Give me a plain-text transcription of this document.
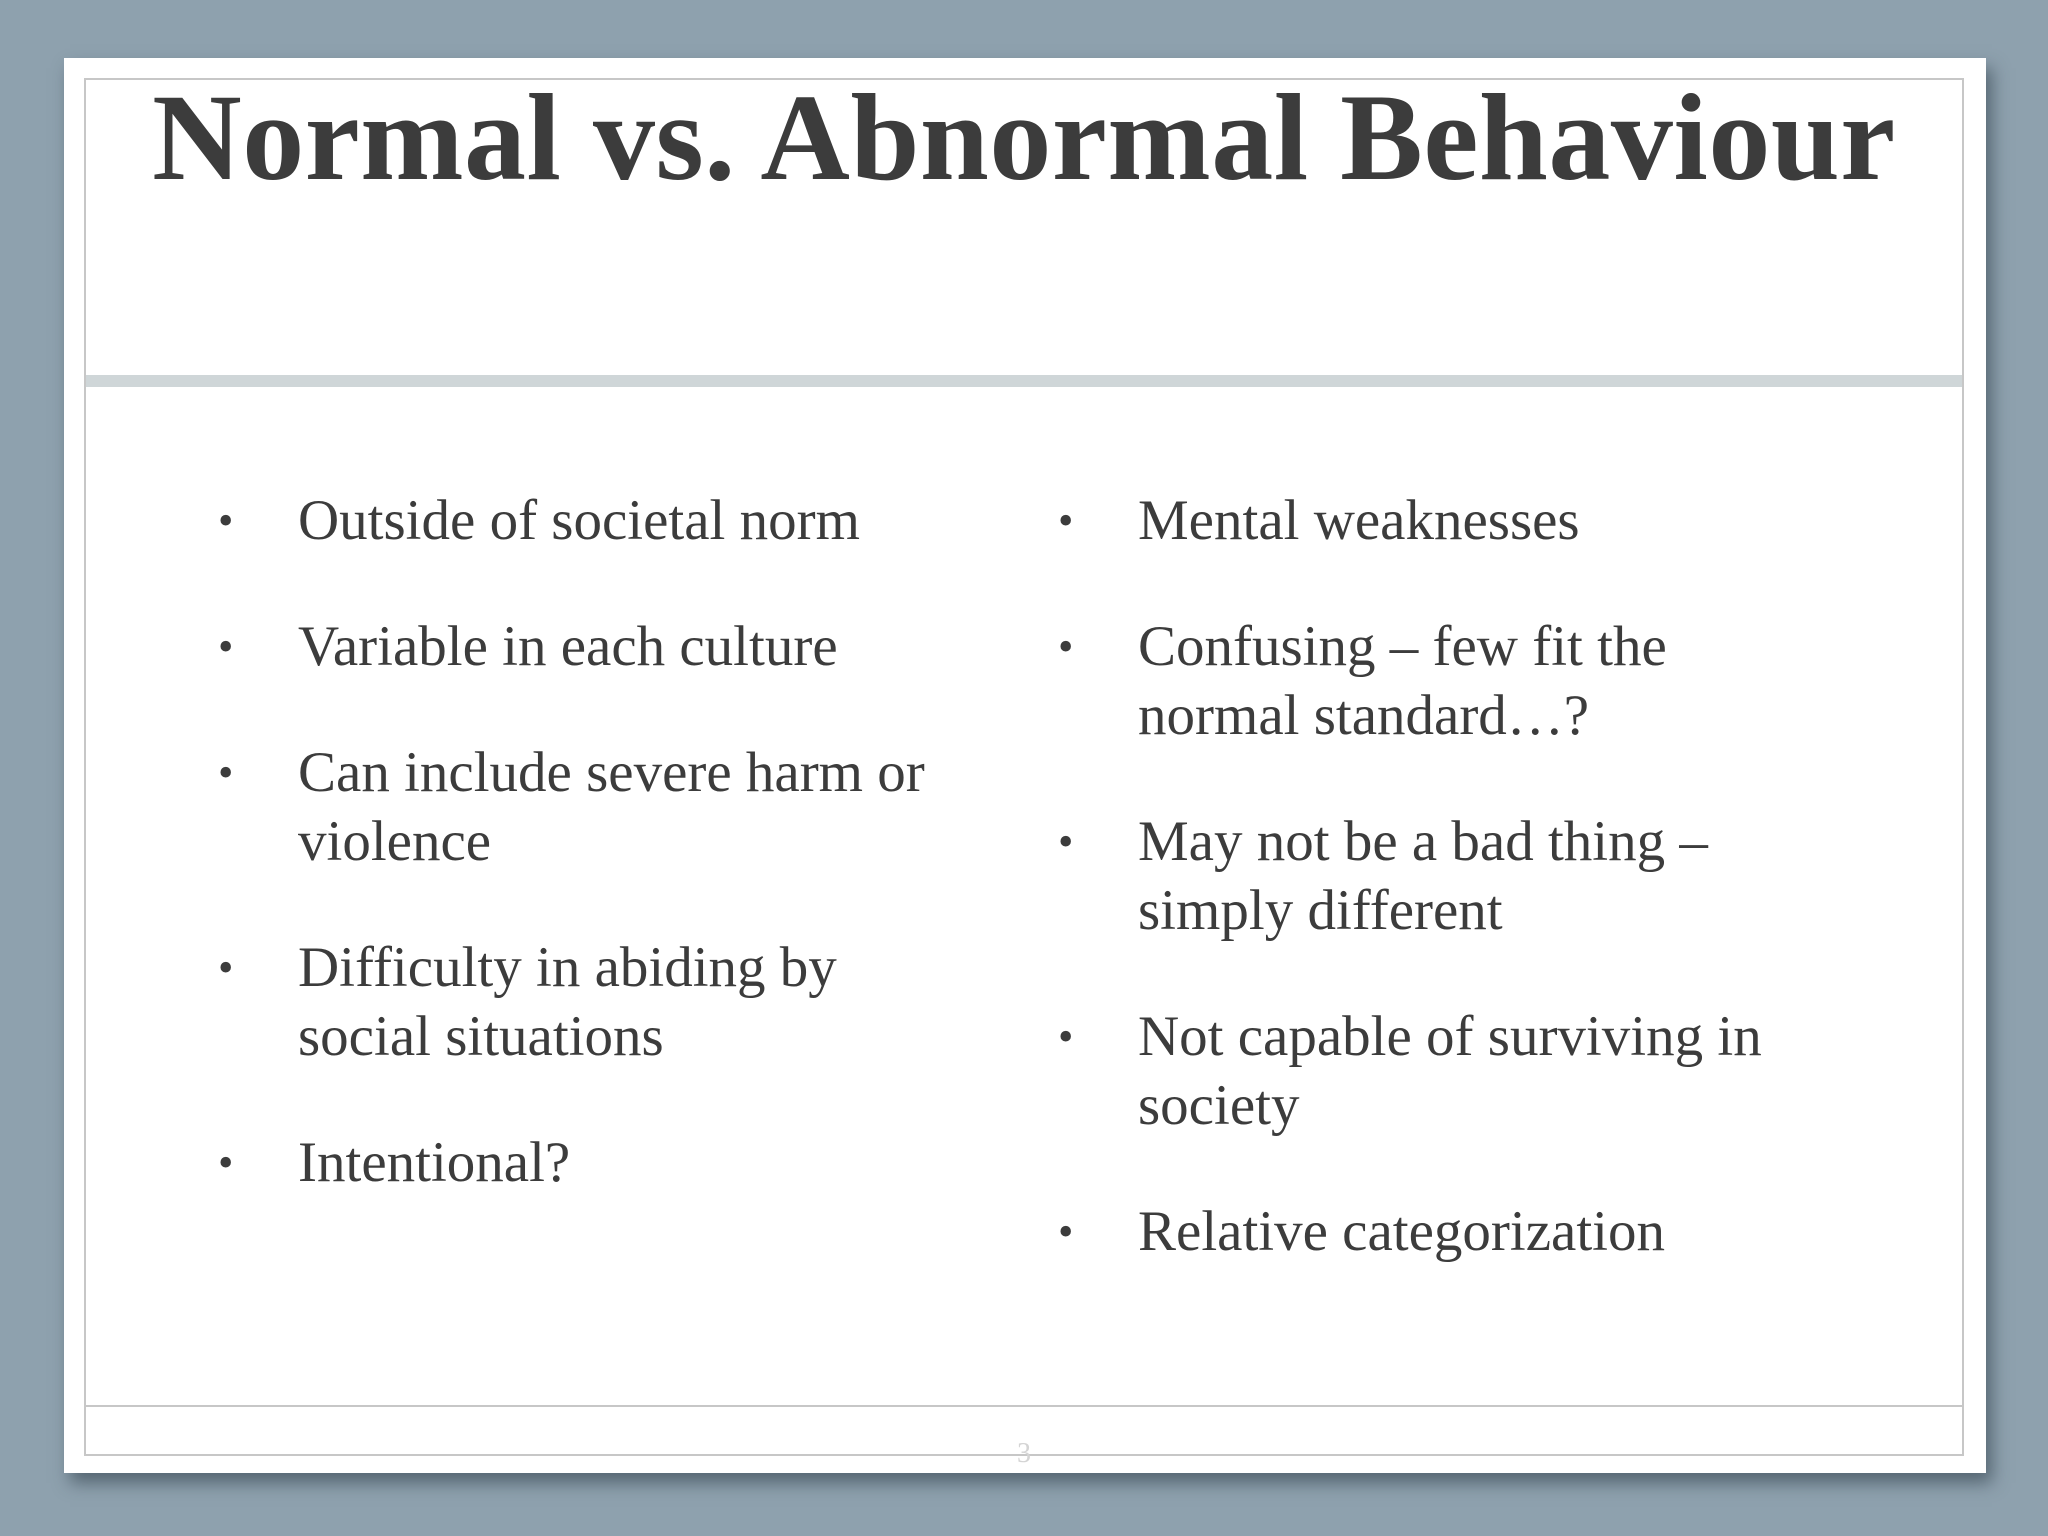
Normal vs. Abnormal Behaviour
• Outside of societal norm
• Variable in each culture
• Can include severe harm or violence
• Difficulty in abiding by social situations
• Intentional?
• Mental weaknesses
• Confusing – few fit the normal standard…?
• May not be a bad thing – simply different
• Not capable of surviving in society
• Relative categorization
3
